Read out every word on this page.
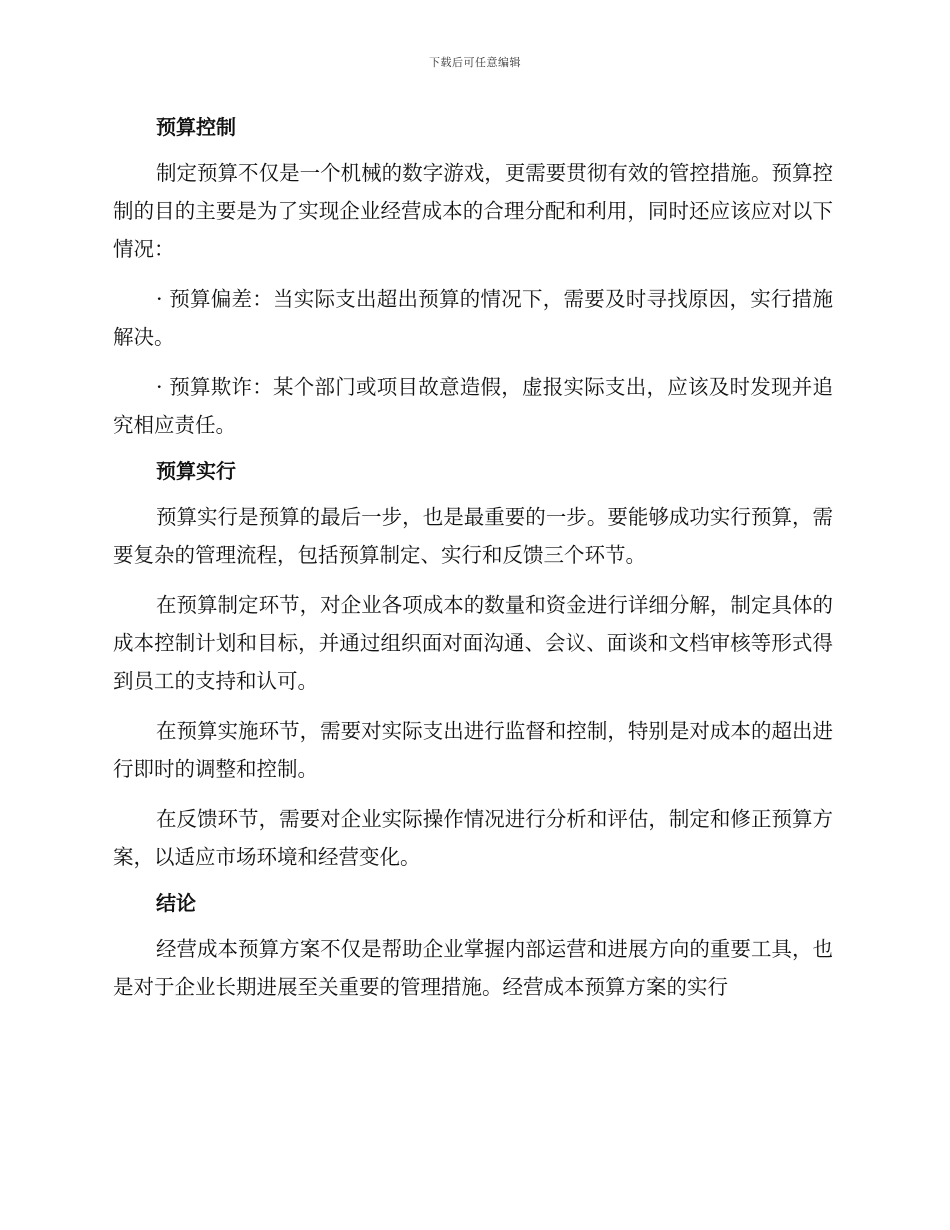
下载后可任意编辑
预算控制

制定预算不仅是一个机械的数字游戏，更需要贯彻有效的管控措施。预算控制的目的主要是为了实现企业经营成本的合理分配和利用，同时还应该应对以下情况：

· 预算偏差：当实际支出超出预算的情况下，需要及时寻找原因，实行措施解决。

· 预算欺诈：某个部门或项目故意造假，虚报实际支出，应该及时发现并追究相应责任。

预算实行

预算实行是预算的最后一步，也是最重要的一步。要能够成功实行预算，需要复杂的管理流程，包括预算制定、实行和反馈三个环节。

在预算制定环节，对企业各项成本的数量和资金进行详细分解，制定具体的成本控制计划和目标，并通过组织面对面沟通、会议、面谈和文档审核等形式得到员工的支持和认可。

在预算实施环节，需要对实际支出进行监督和控制，特别是对成本的超出进行即时的调整和控制。

在反馈环节，需要对企业实际操作情况进行分析和评估，制定和修正预算方案，以适应市场环境和经营变化。

结论

经营成本预算方案不仅是帮助企业掌握内部运营和进展方向的重要工具，也是对于企业长期进展至关重要的管理措施。经营成本预算方案的实行
